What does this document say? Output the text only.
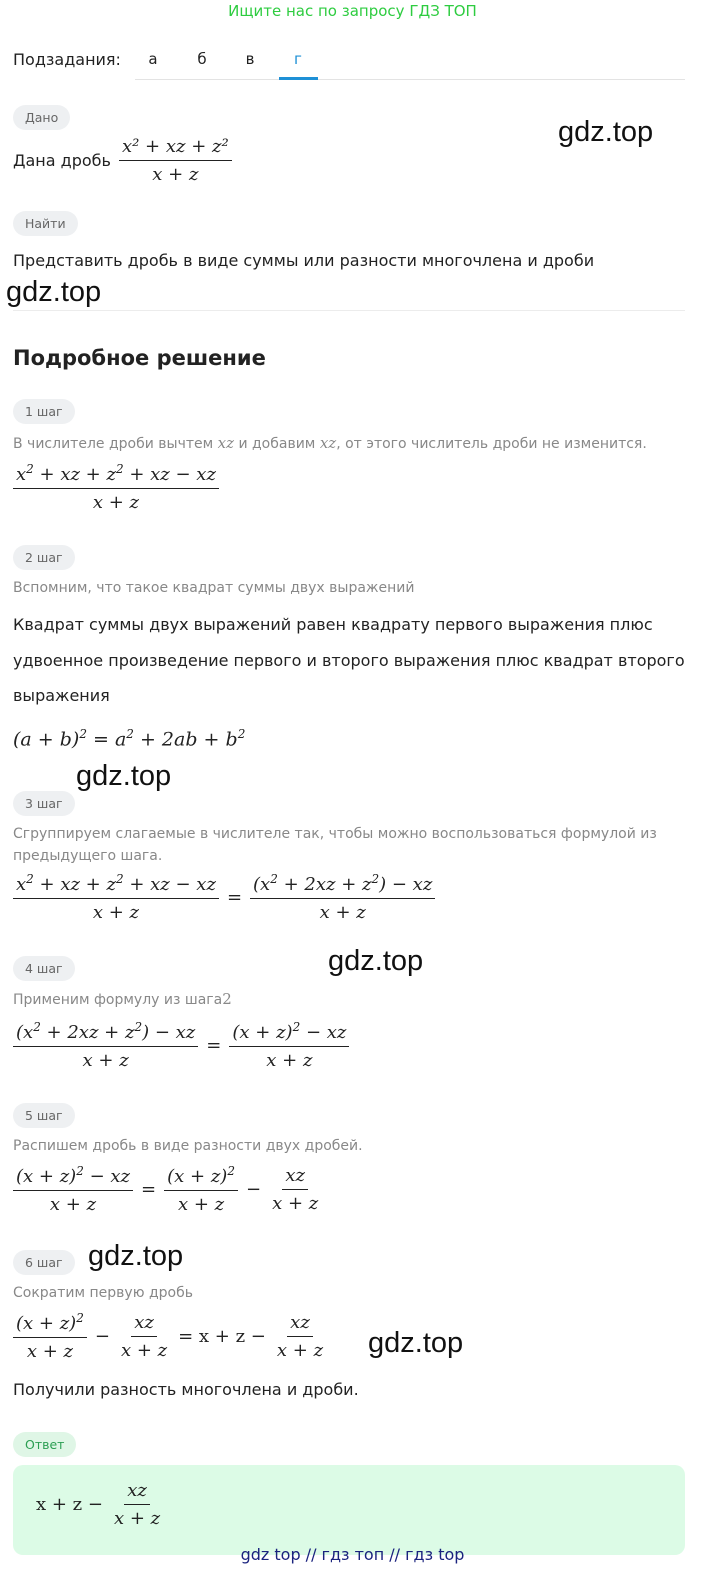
Ищите нас по запросу ГДЗ ТОП
Подзадания:	а	б	в	г
Дано
Дана дробь $\frac{\text{x² + xz + z²}}{x + z}$
gdz.top
Найти
Представить дробь в виде суммы или разности многочлена и дроби
gdz.top
Подробное решение
1 шаг
В числителе дроби вычтем xz и добавим xz, от этого числитель дроби не изменится.
$\frac{x^2 + xz + z^2 + xz - xz}{x + z}$
2 шаг
Вспомним, что такое квадрат суммы двух выражений
Квадрат суммы двух выражений равен квадрату первого выражения плюс
удвоенное произведение первого и второго выражения плюс квадрат второго
выражения
$(a + b)^2 = a^2 + 2ab + b^2$
gdz.top
3 шаг
Сгруппируем слагаемые в числителе так, чтобы можно воспользоваться формулой из
предыдущего шага.
$\frac{x^2 + xz + z^2 + xz - xz}{x + z} = \frac{(x^2 + 2xz + z^2) - xz}{x + z}$
gdz.top
4 шаг
Применим формулу из шага2
$\frac{(x^2 + 2xz + z^2) - xz}{x + z} = \frac{(x + z)^2 - xz}{x + z}$
5 шаг
Распишем дробь в виде разности двух дробей.
$\frac{(x + z)^2 - xz}{x + z} = \frac{(x + z)^2}{x + z} - \frac{xz}{x + z}$
6 шаг gdz.top
Сократим первую дробь
$\frac{(x + z)^2}{x + z} - \frac{xz}{x + z} = x + z - \frac{xz}{x + z} gdz.top$
Получили разность многочлена и дроби.
Ответ
$x + z - \frac{xz}{x + z}$
gdz top // гдз топ // гдз top
